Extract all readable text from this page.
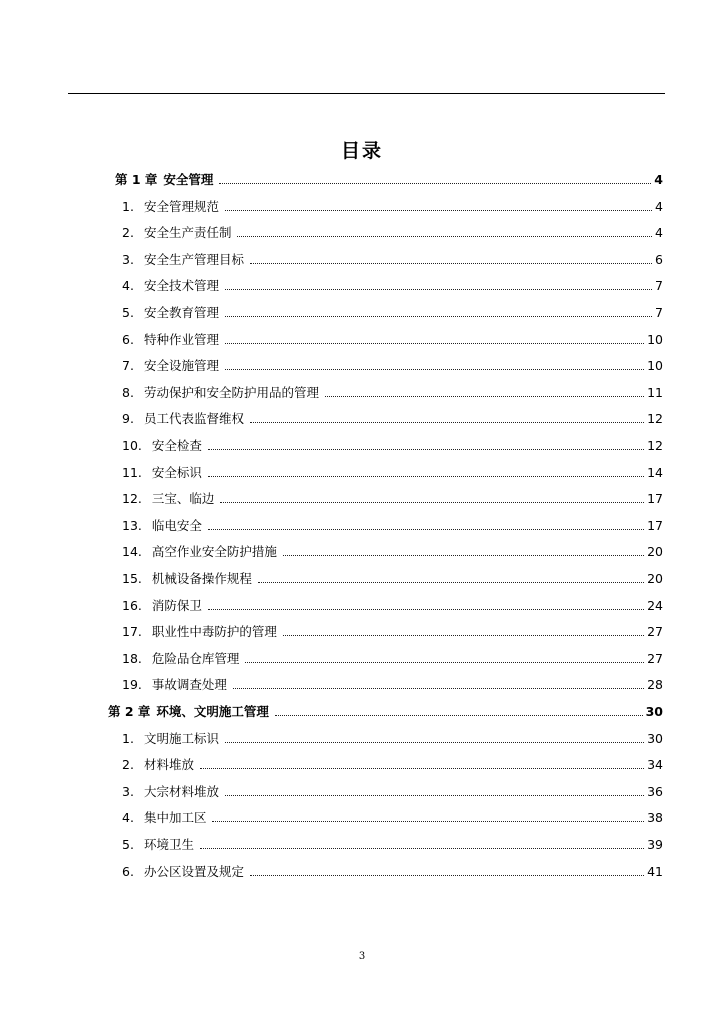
目录
第 1 章 安全管理	4
1. 安全管理规范	4
2. 安全生产责任制	4
3. 安全生产管理目标	6
4. 安全技术管理	7
5. 安全教育管理	7
6. 特种作业管理	10
7. 安全设施管理	10
8. 劳动保护和安全防护用品的管理	11
9. 员工代表监督维权	12
10. 安全检查	12
11. 安全标识	14
12. 三宝、临边	17
13. 临电安全	17
14. 高空作业安全防护措施	20
15. 机械设备操作规程	20
16. 消防保卫	24
17. 职业性中毒防护的管理	27
18. 危险品仓库管理	27
19. 事故调查处理	28
第 2 章 环境、文明施工管理	30
1. 文明施工标识	30
2. 材料堆放	34
3. 大宗材料堆放	36
4. 集中加工区	38
5. 环境卫生	39
6. 办公区设置及规定	41
3
